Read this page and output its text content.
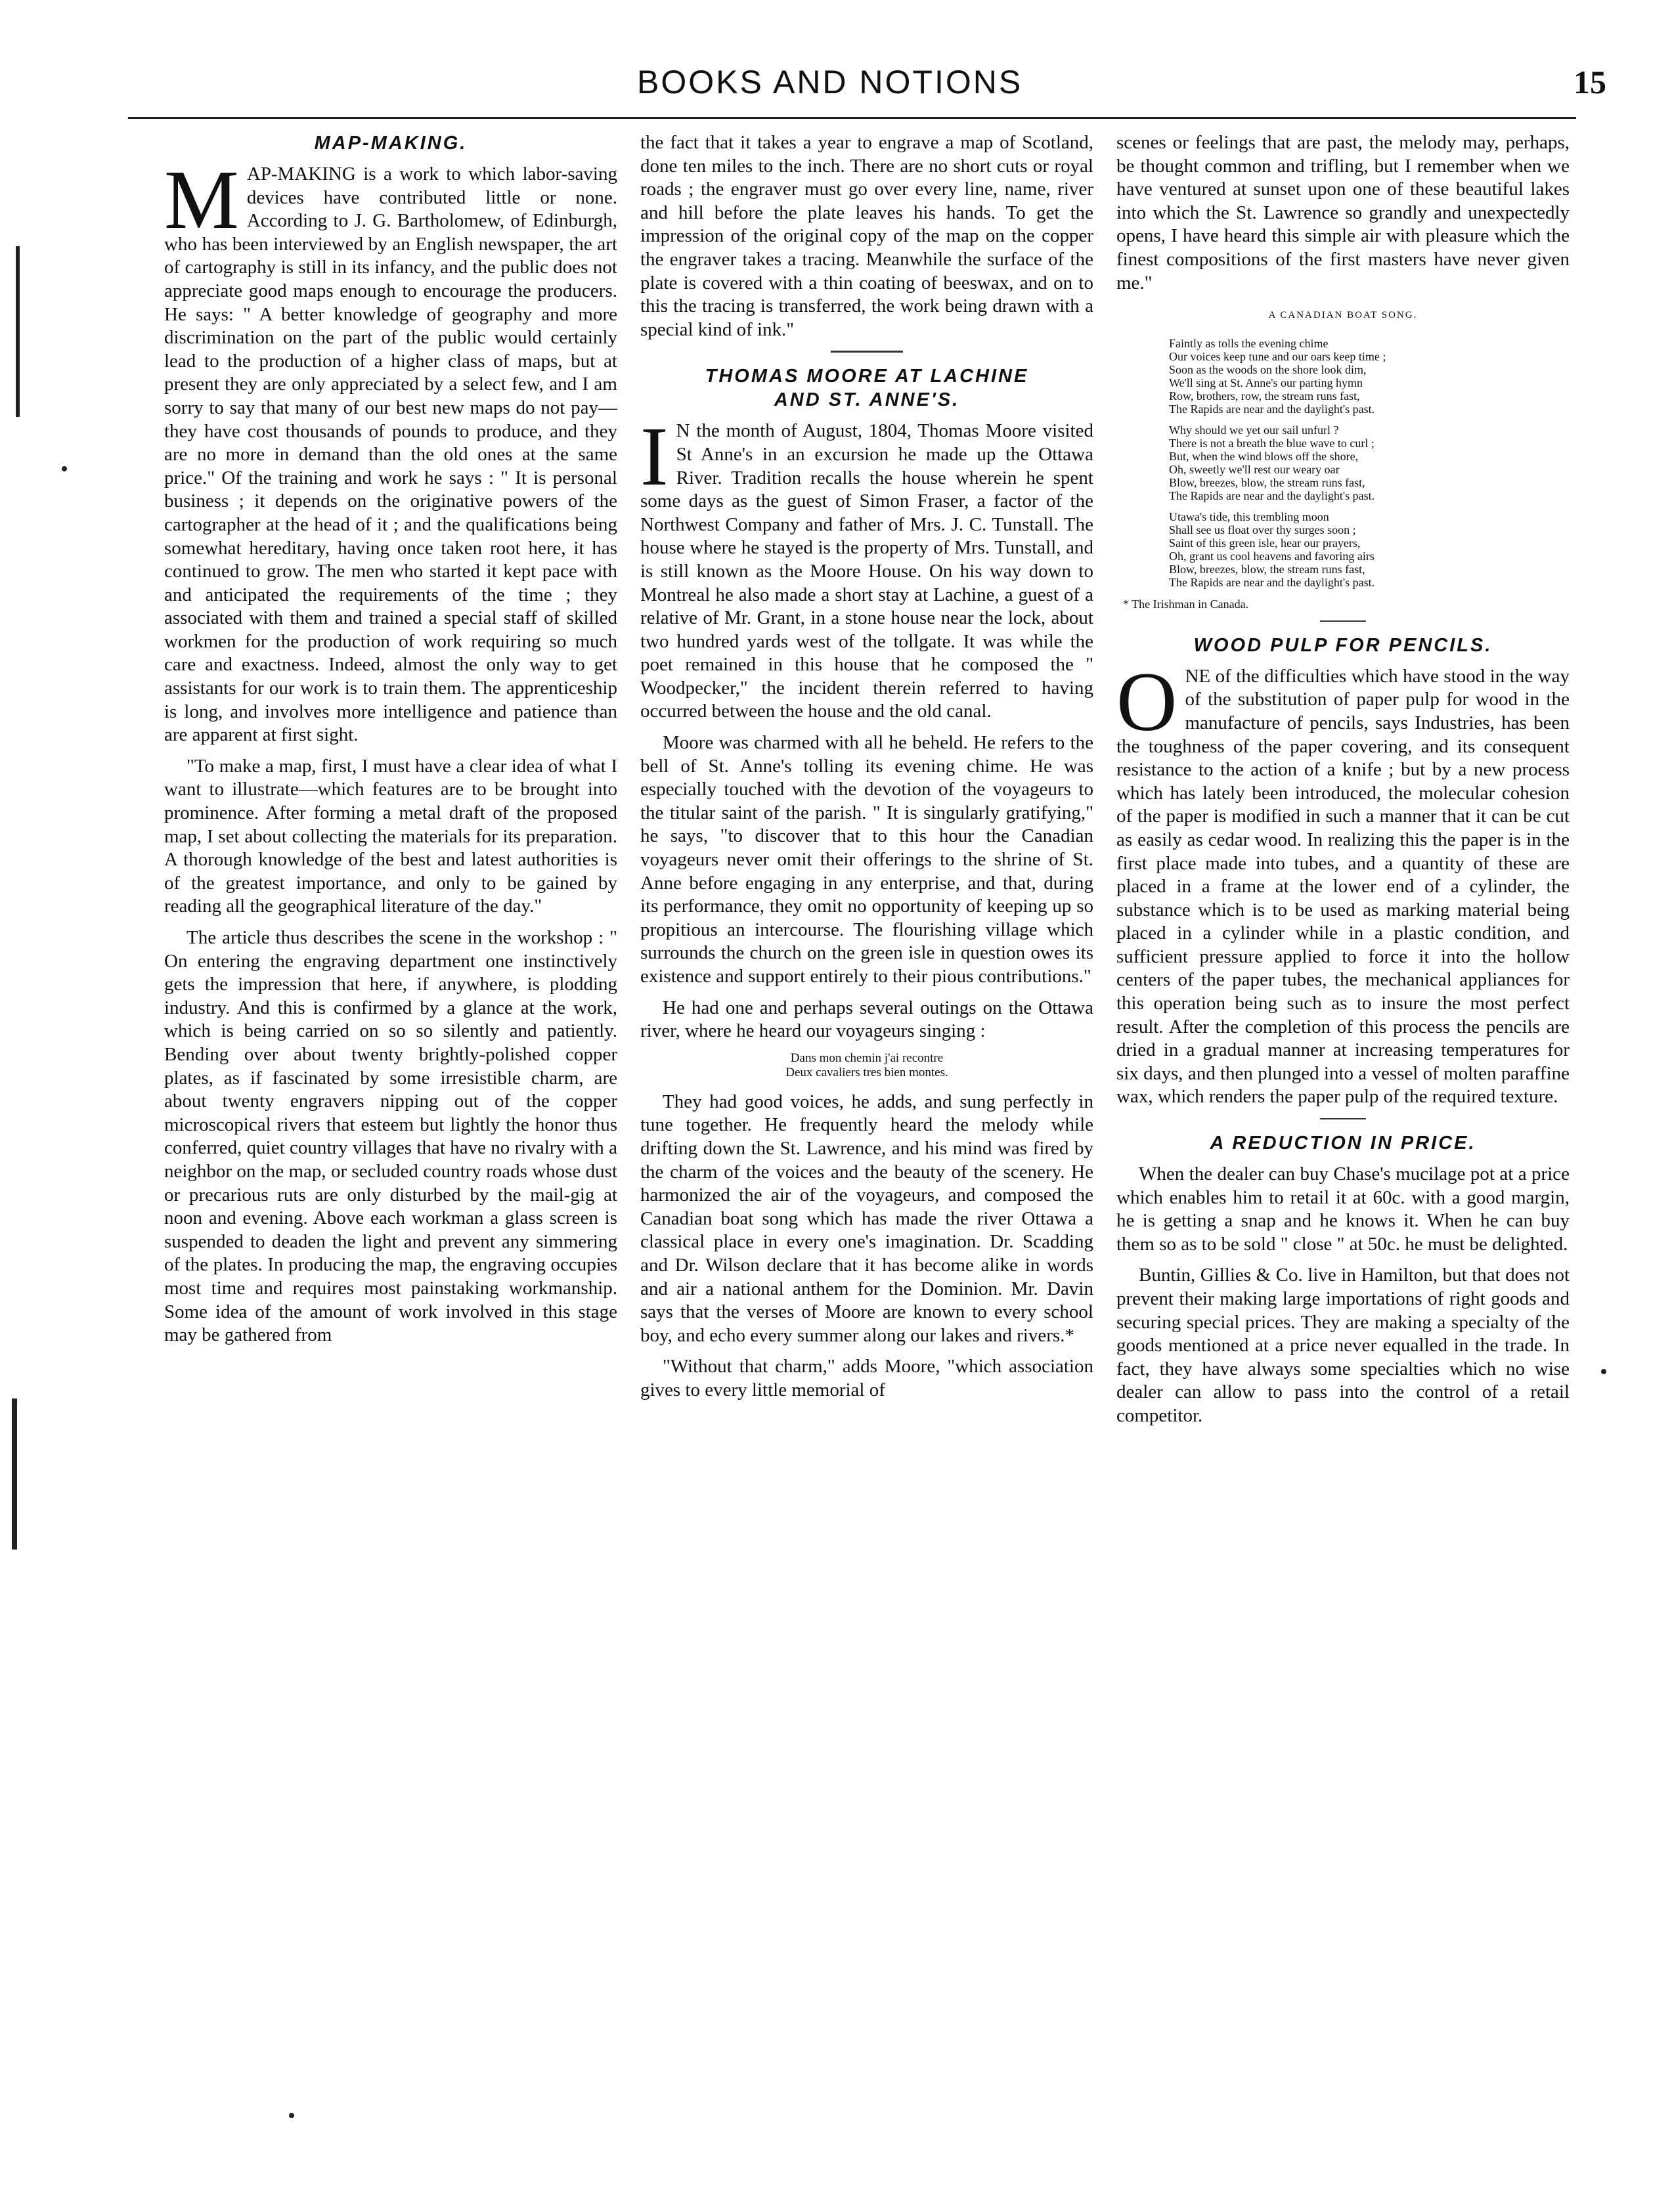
BOOKS AND NOTIONS	15
MAP-MAKING.

MAP-MAKING is a work to which labor-saving devices have contributed little or none. According to J. G. Bartholomew, of Edinburgh, who has been interviewed by an English newspaper, the art of cartography is still in its infancy, and the public does not appreciate good maps enough to encourage the producers. He says: " A better knowledge of geography and more discrimination on the part of the public would certainly lead to the production of a higher class of maps, but at present they are only appreciated by a select few, and I am sorry to say that many of our best new maps do not pay—they have cost thousands of pounds to produce, and they are no more in demand than the old ones at the same price." Of the training and work he says : " It is personal business ; it depends on the originative powers of the cartographer at the head of it ; and the qualifications being somewhat hereditary, having once taken root here, it has continued to grow. The men who started it kept pace with and anticipated the requirements of the time ; they associated with them and trained a special staff of skilled workmen for the production of work requiring so much care and exactness. Indeed, almost the only way to get assistants for our work is to train them. The apprenticeship is long, and involves more intelligence and patience than are apparent at first sight.

"To make a map, first, I must have a clear idea of what I want to illustrate—which features are to be brought into prominence. After forming a metal draft of the proposed map, I set about collecting the materials for its preparation. A thorough knowledge of the best and latest authorities is of the greatest importance, and only to be gained by reading all the geographical literature of the day."

The article thus describes the scene in the workshop : " On entering the engraving department one instinctively gets the impression that here, if anywhere, is plodding industry. And this is confirmed by a glance at the work, which is being carried on so so silently and patiently. Bending over about twenty brightly-polished copper plates, as if fascinated by some irresistible charm, are about twenty engravers nipping out of the copper microscopical rivers that esteem but lightly the honor thus conferred, quiet country villages that have no rivalry with a neighbor on the map, or secluded country roads whose dust or precarious ruts are only disturbed by the mail-gig at noon and evening. Above each workman a glass screen is suspended to deaden the light and prevent any simmering of the plates. In producing the map, the engraving occupies most time and requires most painstaking workmanship. Some idea of the amount of work involved in this stage may be gathered from

the fact that it takes a year to engrave a map of Scotland, done ten miles to the inch. There are no short cuts or royal roads ; the engraver must go over every line, name, river and hill before the plate leaves his hands. To get the impression of the original copy of the map on the copper the engraver takes a tracing. Meanwhile the surface of the plate is covered with a thin coating of beeswax, and on to this the tracing is transferred, the work being drawn with a special kind of ink."

THOMAS MOORE AT LACHINE
AND ST. ANNE'S.

I N the month of August, 1804, Thomas Moore visited St Anne's in an excursion he made up the Ottawa River. Tradition recalls the house wherein he spent some days as the guest of Simon Fraser, a factor of the Northwest Company and father of Mrs. J. C. Tunstall. The house where he stayed is the property of Mrs. Tunstall, and is still known as the Moore House. On his way down to Montreal he also made a short stay at Lachine, a guest of a relative of Mr. Grant, in a stone house near the lock, about two hundred yards west of the tollgate. It was while the poet remained in this house that he composed the " Woodpecker," the incident therein referred to having occurred between the house and the old canal.

Moore was charmed with all he beheld. He refers to the bell of St. Anne's tolling its evening chime. He was especially touched with the devotion of the voyageurs to the titular saint of the parish. " It is singularly gratifying," he says, "to discover that to this hour the Canadian voyageurs never omit their offerings to the shrine of St. Anne before engaging in any enterprise, and that, during its performance, they omit no opportunity of keeping up so propitious an intercourse. The flourishing village which surrounds the church on the green isle in question owes its existence and support entirely to their pious contributions."

He had one and perhaps several outings on the Ottawa river, where he heard our voyageurs singing :

Dans mon chemin j'ai recontre
Deux cavaliers tres bien montes.

They had good voices, he adds, and sung perfectly in tune together. He frequently heard the melody while drifting down the St. Lawrence, and his mind was fired by the charm of the voices and the beauty of the scenery. He harmonized the air of the voyageurs, and composed the Canadian boat song which has made the river Ottawa a classical place in every one's imagination. Dr. Scadding and Dr. Wilson declare that it has become alike in words and air a national anthem for the Dominion. Mr. Davin says that the verses of Moore are known to every school boy, and echo every summer along our lakes and rivers.*

"Without that charm," adds Moore, "which association gives to every little memorial of

scenes or feelings that are past, the melody may, perhaps, be thought common and trifling, but I remember when we have ventured at sunset upon one of these beautiful lakes into which the St. Lawrence so grandly and unexpectedly opens, I have heard this simple air with pleasure which the finest compositions of the first masters have never given me."

A CANADIAN BOAT SONG.
Faintly as tolls the evening chime
Our voices keep tune and our oars keep time ;
Soon as the woods on the shore look dim,
We'll sing at St. Anne's our parting hymn
Row, brothers, row, the stream runs fast,
The Rapids are near and the daylight's past.
Why should we yet our sail unfurl ?
There is not a breath the blue wave to curl ;
But, when the wind blows off the shore,
Oh, sweetly we'll rest our weary oar
Blow, breezes, blow, the stream runs fast,
The Rapids are near and the daylight's past.
Utawa's tide, this trembling moon
Shall see us float over thy surges soon ;
Saint of this green isle, hear our prayers,
Oh, grant us cool heavens and favoring airs
Blow, breezes, blow, the stream runs fast,
The Rapids are near and the daylight's past.
* The Irishman in Canada.
WOOD PULP FOR PENCILS.

ONE of the difficulties which have stood in the way of the substitution of paper pulp for wood in the manufacture of pencils, says Industries, has been the toughness of the paper covering, and its consequent resistance to the action of a knife ; but by a new process which has lately been introduced, the molecular cohesion of the paper is modified in such a manner that it can be cut as easily as cedar wood. In realizing this the paper is in the first place made into tubes, and a quantity of these are placed in a frame at the lower end of a cylinder, the substance which is to be used as marking material being placed in a cylinder while in a plastic condition, and sufficient pressure applied to force it into the hollow centers of the paper tubes, the mechanical appliances for this operation being such as to insure the most perfect result. After the completion of this process the pencils are dried in a gradual manner at increasing temperatures for six days, and then plunged into a vessel of molten paraffine wax, which renders the paper pulp of the required texture.

A REDUCTION IN PRICE.

When the dealer can buy Chase's mucilage pot at a price which enables him to retail it at 60c. with a good margin, he is getting a snap and he knows it. When he can buy them so as to be sold " close " at 50c. he must be delighted.

Buntin, Gillies & Co. live in Hamilton, but that does not prevent their making large importations of right goods and securing special prices. They are making a specialty of the goods mentioned at a price never equalled in the trade. In fact, they have always some specialties which no wise dealer can allow to pass into the control of a retail competitor.
